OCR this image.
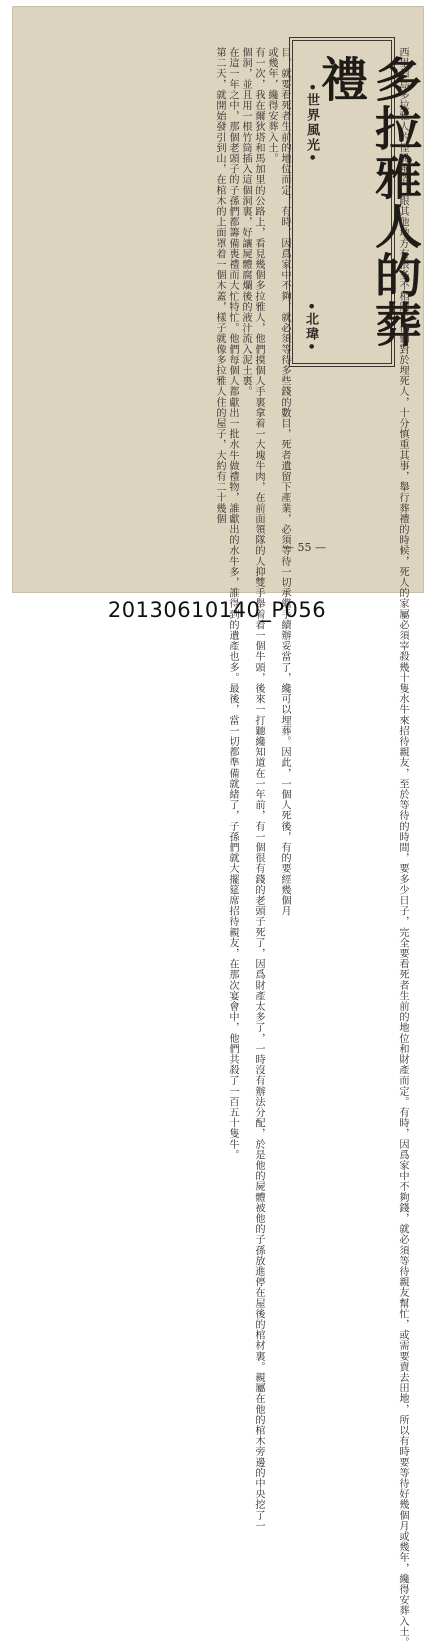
•世界風光•	多拉雅人的葬禮
•北瑋•	西里伯島多拉雅人的怪異風俗，跟其他地方有很多不相同，他們對於埋死人，十分慎重其事，舉行葬禮的時候，死人的家屬必須宰殺幾十隻水牛來招待親友，至於等待的時間，要多少日子，完全要看死者生前的地位和財產而定。有時，因爲家中不夠錢，就必須等待親友幫忙，或需要賣去田地，所以有時要等待好幾個月或幾年，纔得安葬入土。
目，就要看死者生前的地位而定，有時，因爲家中不夠，就必須等待多些錢的數目，死者遺留下產業，必須等待一切承繼手續辦妥當了，纔可以埋葬。因此，一個人死後，有的要經幾個月
或幾年，纔得安葬入土。
有一次，我在爾狄塔和馬加里的公路上，看見幾個多拉雅人，他們摸個人手裏拿着一大塊牛肉，在前面領隊的人抑雙手舉着着一個牛頭，後來一打聽纔知道在一年前，有一個很有錢的老頭子死了，因爲財產太多了，一時沒有辦法分配，於是他的屍體被他的子孫放進停在屋後的棺材裏。親屬在他的棺木旁邊的中央挖了一
個洞，並且用一根竹筒插入這個洞裏，好讓屍體腐爛後的液汁流入泥土裏。
在這一年之中，那個老頭子的子孫們都籌備喪禮而大忙特忙。他們每個人都獻出一批水牛做禮物，誰獻出的水牛多，誰得到的遺產也多。最後，當一切都準備就緒了，子孫們就大擺筵席招待親友，在那次宴會中，他們共殺了一百五十隻牛。
第二天，就開始發引到山，在棺木的上面罩着一個木蓋，樣子就像多拉雅人住的屋子，大約有二十幾個
— 55 —
20130610140_P056
